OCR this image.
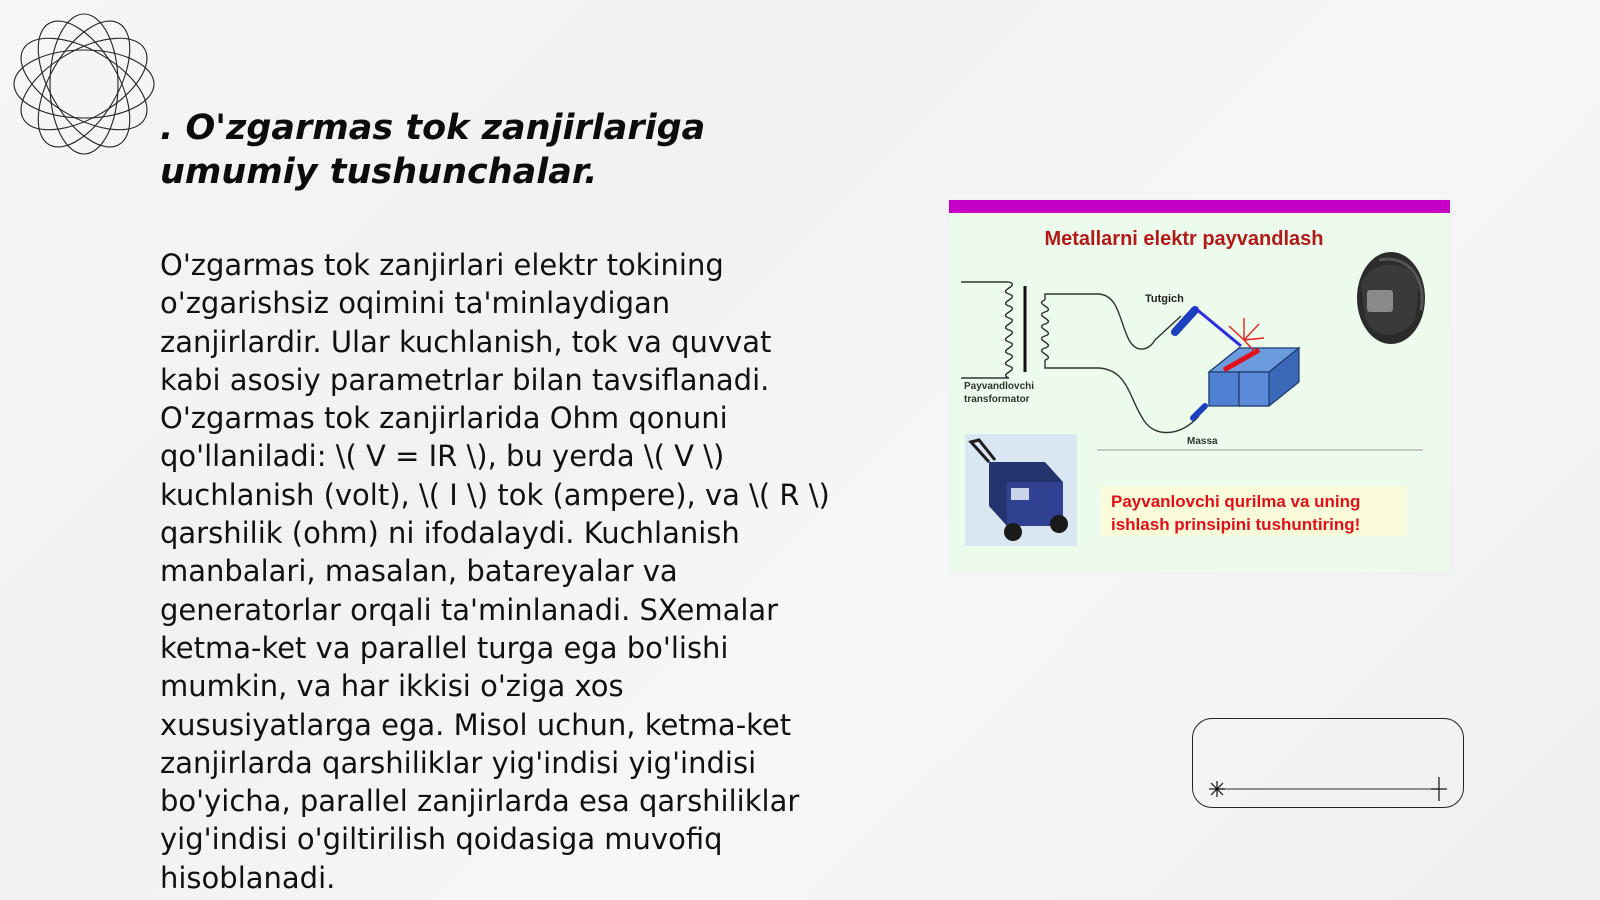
. O'zgarmas tok zanjirlariga umumiy tushunchalar.

O'zgarmas tok zanjirlari elektr tokining o'zgarishsiz oqimini ta'minlaydigan zanjirlardir. Ular kuchlanish, tok va quvvat kabi asosiy parametrlar bilan tavsiflanadi. O'zgarmas tok zanjirlarida Ohm qonuni qo'llaniladi: \( V = IR \), bu yerda \( V \) kuchlanish (volt), \( I \) tok (ampere), va \( R \) qarshilik (ohm) ni ifodalaydi. Kuchlanish manbalari, masalan, batareyalar va generatorlar orqali ta'minlanadi. SXemalar ketma-ket va parallel turga ega bo'lishi mumkin, va har ikkisi o'ziga xos xususiyatlarga ega. Misol uchun, ketma-ket zanjirlarda qarshiliklar yig'indisi yig'indisi bo'yicha, parallel zanjirlarda esa qarshiliklar yig'indisi o'giltirilish qoidasiga muvofiq hisoblanadi.

Metallarni elektr payvandlash
Payvandlovchi
transformator
Tutgich
Massa
Payvanlovchi qurilma va uning ishlash prinsipini tushuntiring!
